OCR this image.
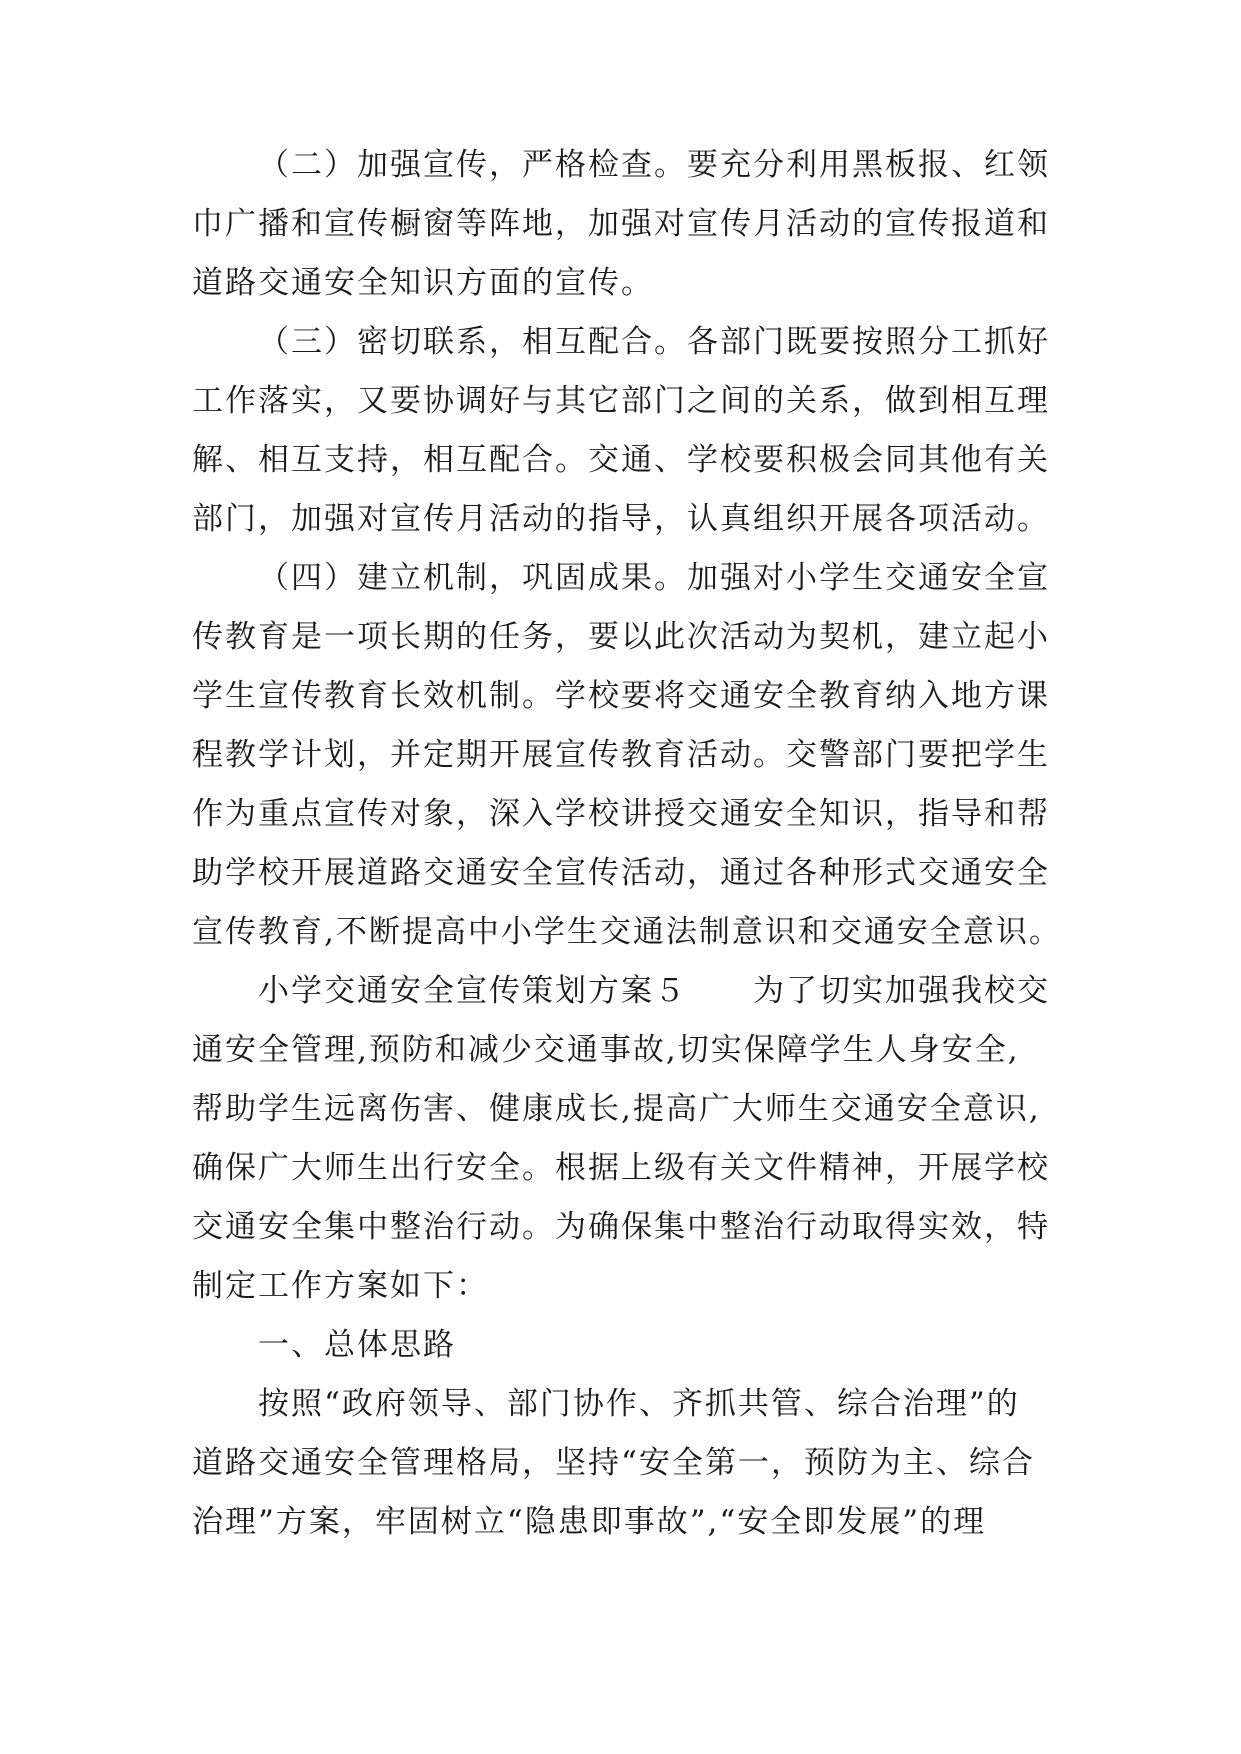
（二）加强宣传，严格检查。要充分利用黑板报、红领
巾广播和宣传橱窗等阵地，加强对宣传月活动的宣传报道和
道路交通安全知识方面的宣传。
（三）密切联系，相互配合。各部门既要按照分工抓好
工作落实，又要协调好与其它部门之间的关系，做到相互理
解、相互支持，相互配合。交通、学校要积极会同其他有关
部门，加强对宣传月活动的指导，认真组织开展各项活动。
（四）建立机制，巩固成果。加强对小学生交通安全宣
传教育是一项长期的任务，要以此次活动为契机，建立起小
学生宣传教育长效机制。学校要将交通安全教育纳入地方课
程教学计划，并定期开展宣传教育活动。交警部门要把学生
作为重点宣传对象，深入学校讲授交通安全知识，指导和帮
助学校开展道路交通安全宣传活动，通过各种形式交通安全
宣传教育,不断提高中小学生交通法制意识和交通安全意识。
小学交通安全宣传策划方案５　　为了切实加强我校交
通安全管理,预防和减少交通事故,切实保障学生人身安全,
帮助学生远离伤害、健康成长,提高广大师生交通安全意识,
确保广大师生出行安全。根据上级有关文件精神，开展学校
交通安全集中整治行动。为确保集中整治行动取得实效，特
制定工作方案如下：
一、总体思路
按照“政府领导、部门协作、齐抓共管、综合治理”的
道路交通安全管理格局，坚持“安全第一，预防为主、综合
治理”方案，牢固树立“隐患即事故”,“安全即发展”的理
